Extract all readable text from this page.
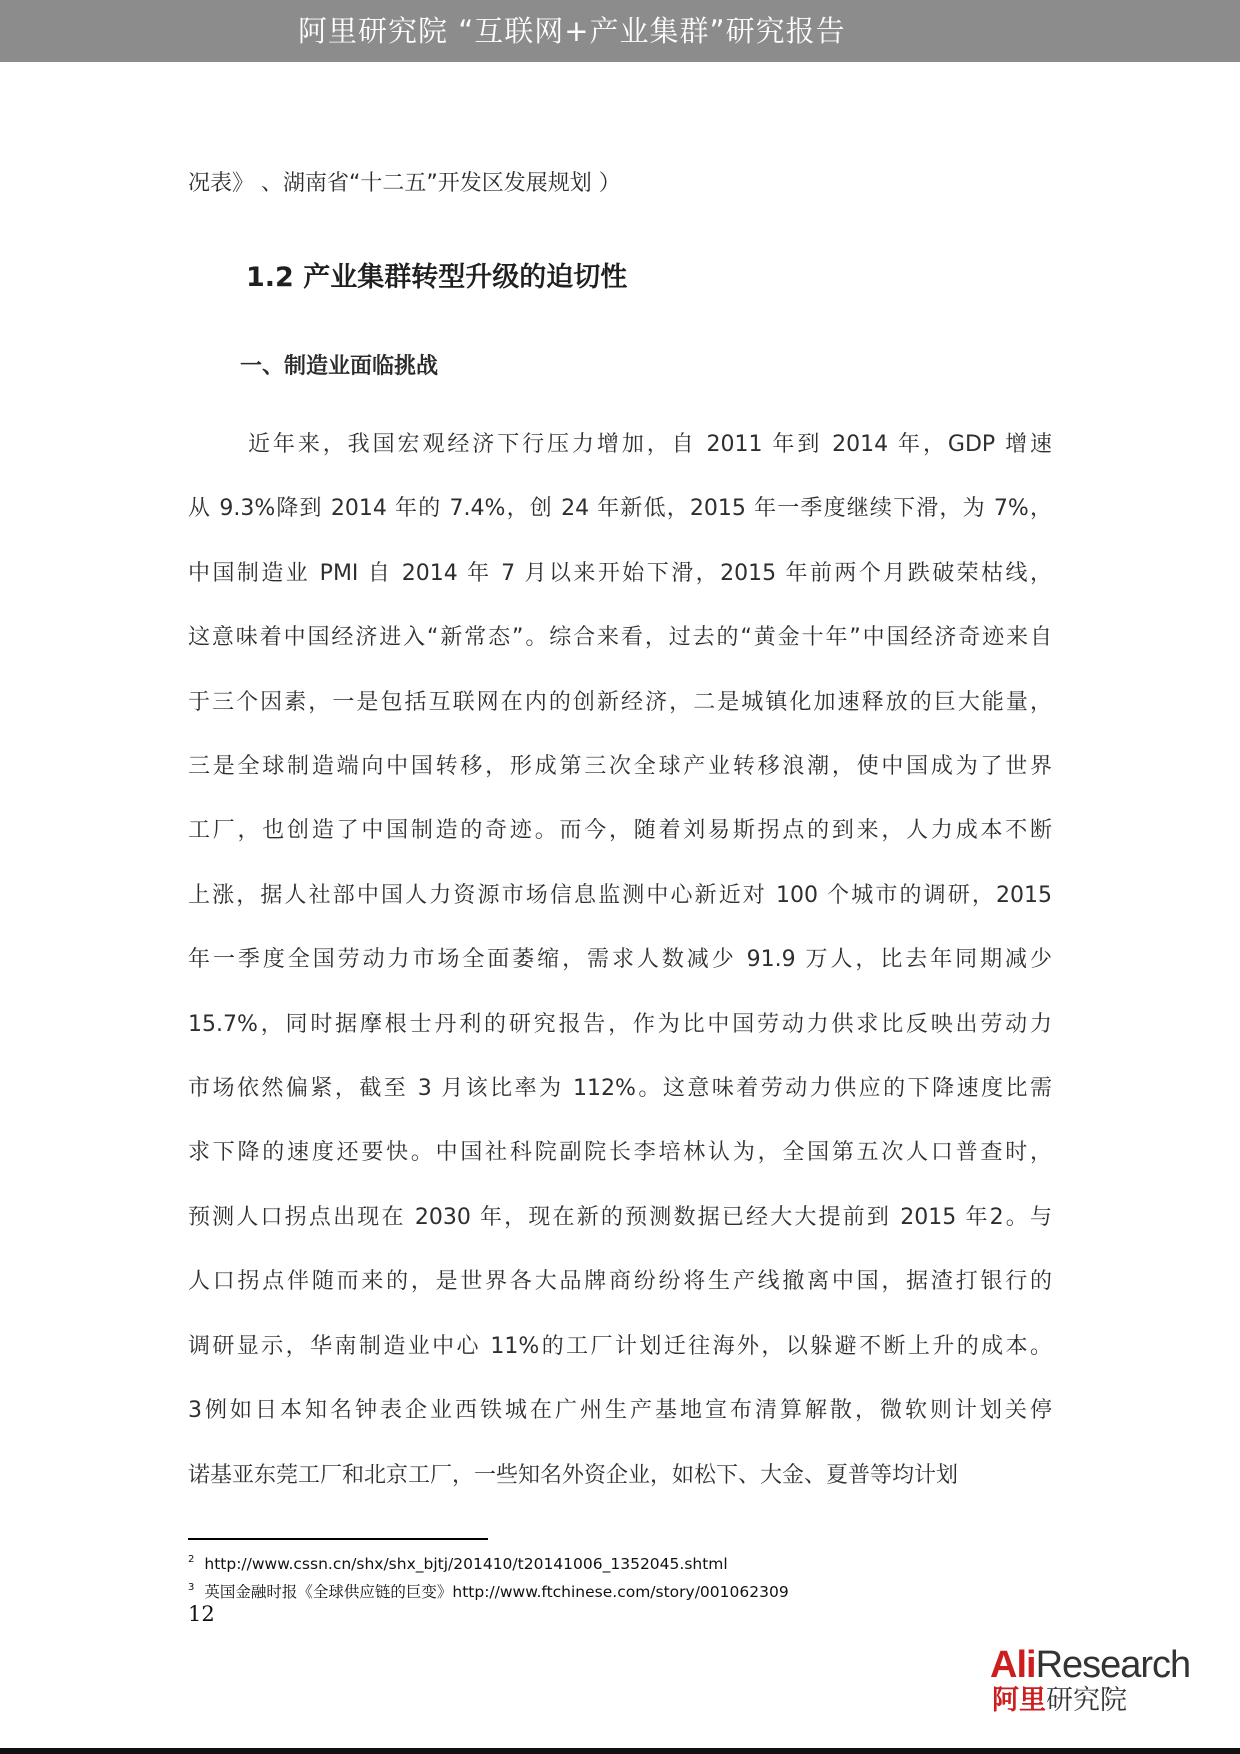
阿里研究院 “互联网+产业集群”研究报告
况表》 、湖南省“十二五”开发区发展规划 ）
1.2 产业集群转型升级的迫切性
一、制造业面临挑战

近年来，我国宏观经济下行压力增加，自 2011 年到 2014 年，GDP 增速
从 9.3%降到 2014 年的 7.4%，创 24 年新低，2015 年一季度继续下滑，为 7%，
中国制造业 PMI 自 2014 年 7 月以来开始下滑，2015 年前两个月跌破荣枯线，
这意味着中国经济进入“新常态”。综合来看，过去的“黄金十年”中国经济奇迹来自
于三个因素，一是包括互联网在内的创新经济，二是城镇化加速释放的巨大能量，
三是全球制造端向中国转移，形成第三次全球产业转移浪潮，使中国成为了世界
工厂，也创造了中国制造的奇迹。而今，随着刘易斯拐点的到来，人力成本不断
上涨，据人社部中国人力资源市场信息监测中心新近对 100 个城市的调研，2015
年一季度全国劳动力市场全面萎缩，需求人数减少 91.9 万人，比去年同期减少
15.7%，同时据摩根士丹利的研究报告，作为比中国劳动力供求比反映出劳动力
市场依然偏紧，截至 3 月该比率为 112%。这意味着劳动力供应的下降速度比需
求下降的速度还要快。中国社科院副院长李培林认为，全国第五次人口普查时，
预测人口拐点出现在 2030 年，现在新的预测数据已经大大提前到 2015 年2。与
人口拐点伴随而来的，是世界各大品牌商纷纷将生产线撤离中国，据渣打银行的
调研显示，华南制造业中心 11%的工厂计划迁往海外，以躲避不断上升的成本。
3例如日本知名钟表企业西铁城在广州生产基地宣布清算解散，微软则计划关停
诺基亚东莞工厂和北京工厂，一些知名外资企业，如松下、大金、夏普等均计划

$^2$ http://www.cssn.cn/shx/shx_bjtj/201410/t20141006_1352045.shtml
$^3$ 英国金融时报《全球供应链的巨变》http://www.ftchinese.com/story/001062309
12
AliResearch
阿里研究院
